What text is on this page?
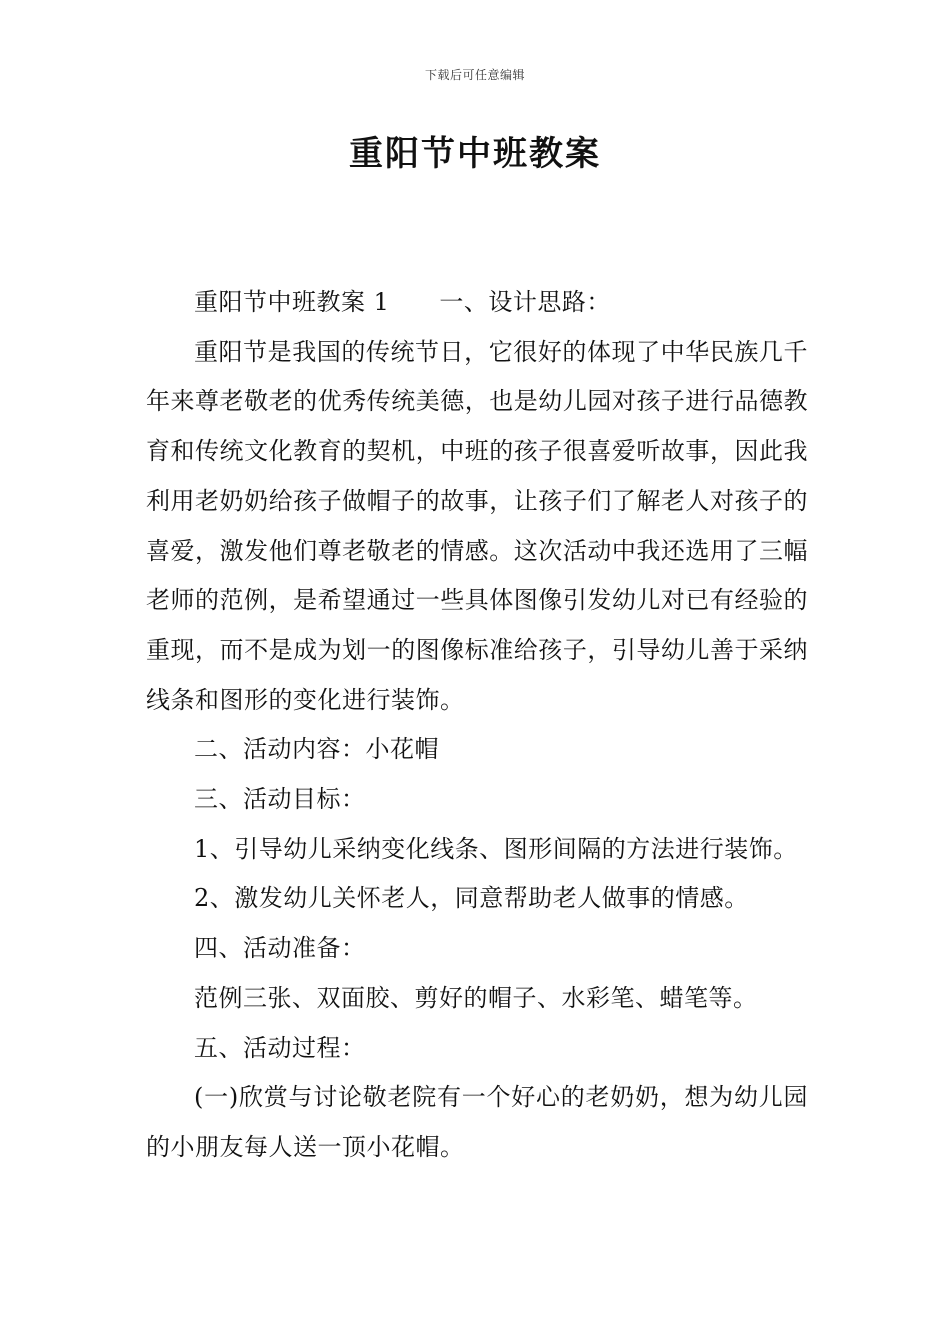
下载后可任意编辑
重阳节中班教案

重阳节中班教案 1 一、设计思路：

重阳节是我国的传统节日，它很好的体现了中华民族几千年来尊老敬老的优秀传统美德，也是幼儿园对孩子进行品德教育和传统文化教育的契机，中班的孩子很喜爱听故事，因此我利用老奶奶给孩子做帽子的故事，让孩子们了解老人对孩子的喜爱，激发他们尊老敬老的情感。这次活动中我还选用了三幅老师的范例，是希望通过一些具体图像引发幼儿对已有经验的重现，而不是成为划一的图像标准给孩子，引导幼儿善于采纳线条和图形的变化进行装饰。

二、活动内容：小花帽

三、活动目标：

1、引导幼儿采纳变化线条、图形间隔的方法进行装饰。

2、激发幼儿关怀老人，同意帮助老人做事的情感。

四、活动准备：

范例三张、双面胶、剪好的帽子、水彩笔、蜡笔等。

五、活动过程：

(一)欣赏与讨论敬老院有一个好心的老奶奶，想为幼儿园的小朋友每人送一顶小花帽。
